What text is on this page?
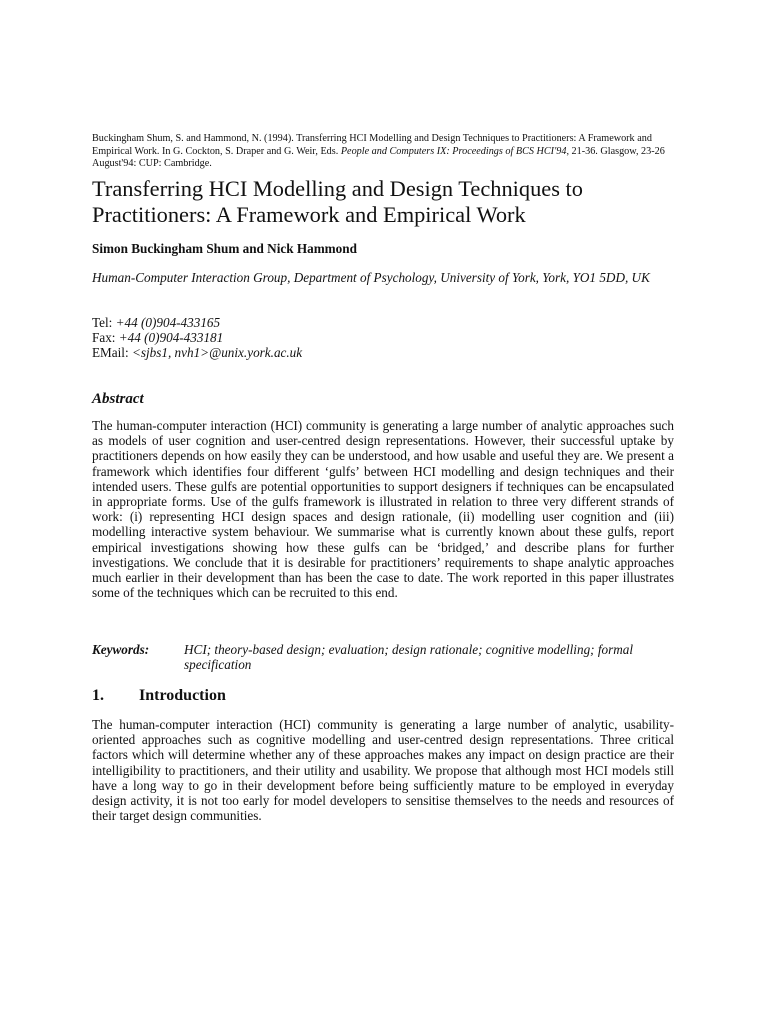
Buckingham Shum, S. and Hammond, N. (1994). Transferring HCI Modelling and Design Techniques to Practitioners: A Framework and Empirical Work. In G. Cockton, S. Draper and G. Weir, Eds. People and Computers IX: Proceedings of BCS HCI'94, 21-36. Glasgow, 23-26 August'94: CUP: Cambridge.
Transferring HCI Modelling and Design Techniques to Practitioners: A Framework and Empirical Work
Simon Buckingham Shum and Nick Hammond
Human-Computer Interaction Group, Department of Psychology, University of York, York, YO1 5DD, UK
Tel: +44 (0)904-433165
Fax: +44 (0)904-433181
EMail: <sjbs1, nvh1>@unix.york.ac.uk
Abstract

The human-computer interaction (HCI) community is generating a large number of analytic approaches such as models of user cognition and user-centred design representations. However, their successful uptake by practitioners depends on how easily they can be understood, and how usable and useful they are. We present a framework which identifies four different ‘gulfs’ between HCI modelling and design techniques and their intended users. These gulfs are potential opportunities to support designers if techniques can be encapsulated in appropriate forms. Use of the gulfs framework is illustrated in relation to three very different strands of work: (i) representing HCI design spaces and design rationale, (ii) modelling user cognition and (iii) modelling interactive system behaviour. We summarise what is currently known about these gulfs, report empirical investigations showing how these gulfs can be ‘bridged,’ and describe plans for further investigations. We conclude that it is desirable for practitioners’ requirements to shape analytic approaches much earlier in their development than has been the case to date. The work reported in this paper illustrates some of the techniques which can be recruited to this end.

Keywords:	HCI; theory-based design; evaluation; design rationale; cognitive modelling; formal specification
1. Introduction

The human-computer interaction (HCI) community is generating a large number of analytic, usability-oriented approaches such as cognitive modelling and user-centred design representations. Three critical factors which will determine whether any of these approaches makes any impact on design practice are their intelligibility to practitioners, and their utility and usability. We propose that although most HCI models still have a long way to go in their development before being sufficiently mature to be employed in everyday design activity, it is not too early for model developers to sensitise themselves to the needs and resources of their target design communities.
